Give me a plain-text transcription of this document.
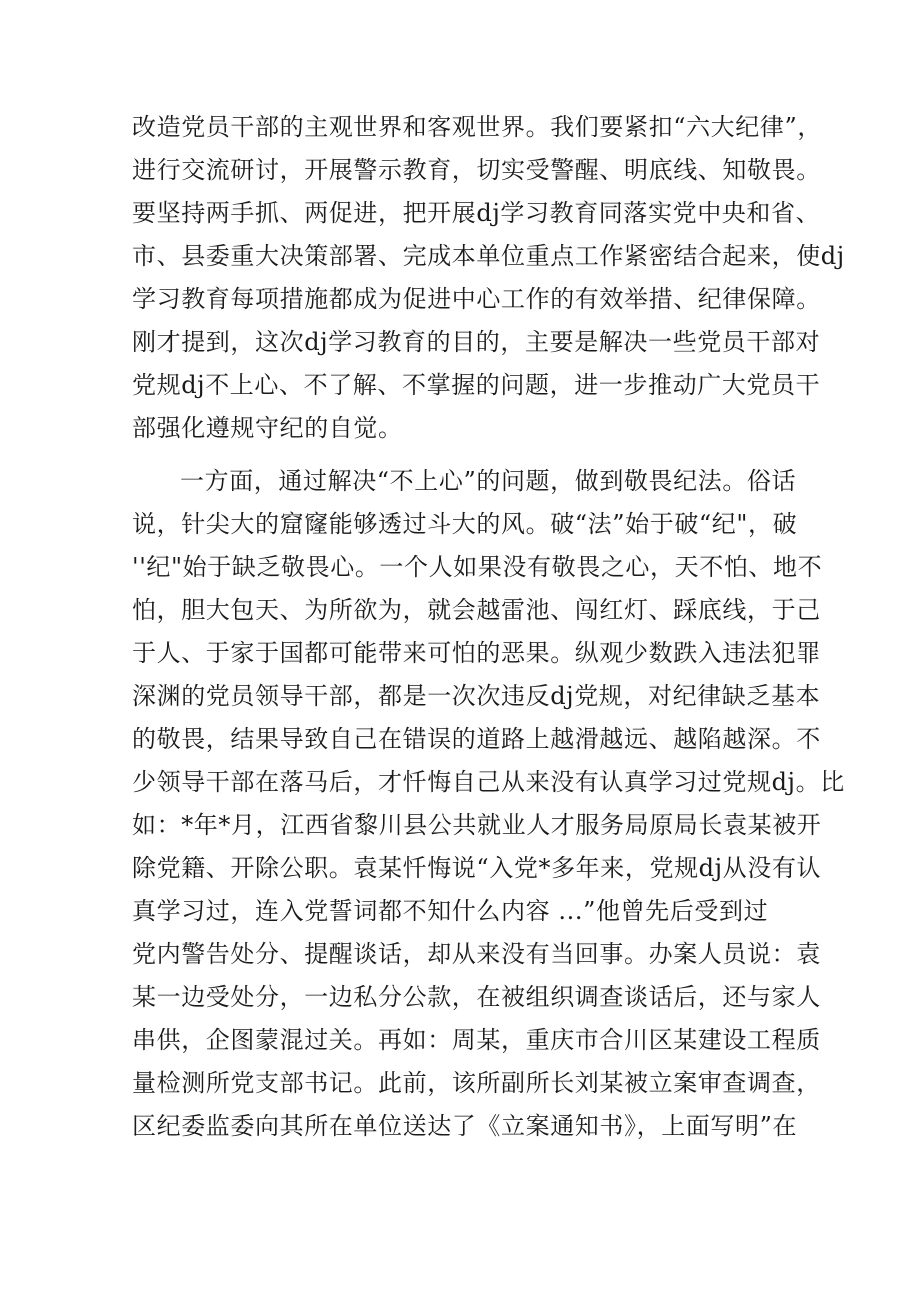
改造党员干部的主观世界和客观世界。我们要紧扣“六大纪律”，
进行交流研讨，开展警示教育，切实受警醒、明底线、知敬畏。
要坚持两手抓、两促进，把开展dj学习教育同落实党中央和省、
市、县委重大决策部署、完成本单位重点工作紧密结合起来，使dj
学习教育每项措施都成为促进中心工作的有效举措、纪律保障。
刚才提到，这次dj学习教育的目的，主要是解决一些党员干部对
党规dj不上心、不了解、不掌握的问题，进一步推动广大党员干
部强化遵规守纪的自觉。
一方面，通过解决“不上心”的问题，做到敬畏纪法。俗话
说，针尖大的窟窿能够透过斗大的风。破“法”始于破“纪"，破
''纪"始于缺乏敬畏心。一个人如果没有敬畏之心，天不怕、地不
怕，胆大包天、为所欲为，就会越雷池、闯红灯、踩底线，于己
于人、于家于国都可能带来可怕的恶果。纵观少数跌入违法犯罪
深渊的党员领导干部，都是一次次违反dj党规，对纪律缺乏基本
的敬畏，结果导致自己在错误的道路上越滑越远、越陷越深。不
少领导干部在落马后，才忏悔自己从来没有认真学习过党规dj。比
如：*年*月，江西省黎川县公共就业人才服务局原局长袁某被开
除党籍、开除公职。袁某忏悔说“入党*多年来，党规dj从没有认
真学习过，连入党誓词都不知什么内容 ...”他曾先后受到过
党内警告处分、提醒谈话，却从来没有当回事。办案人员说：袁
某一边受处分，一边私分公款，在被组织调查谈话后，还与家人
串供，企图蒙混过关。再如：周某，重庆市合川区某建设工程质
量检测所党支部书记。此前，该所副所长刘某被立案审查调查，
区纪委监委向其所在单位送达了《立案通知书》，上面写明”在
